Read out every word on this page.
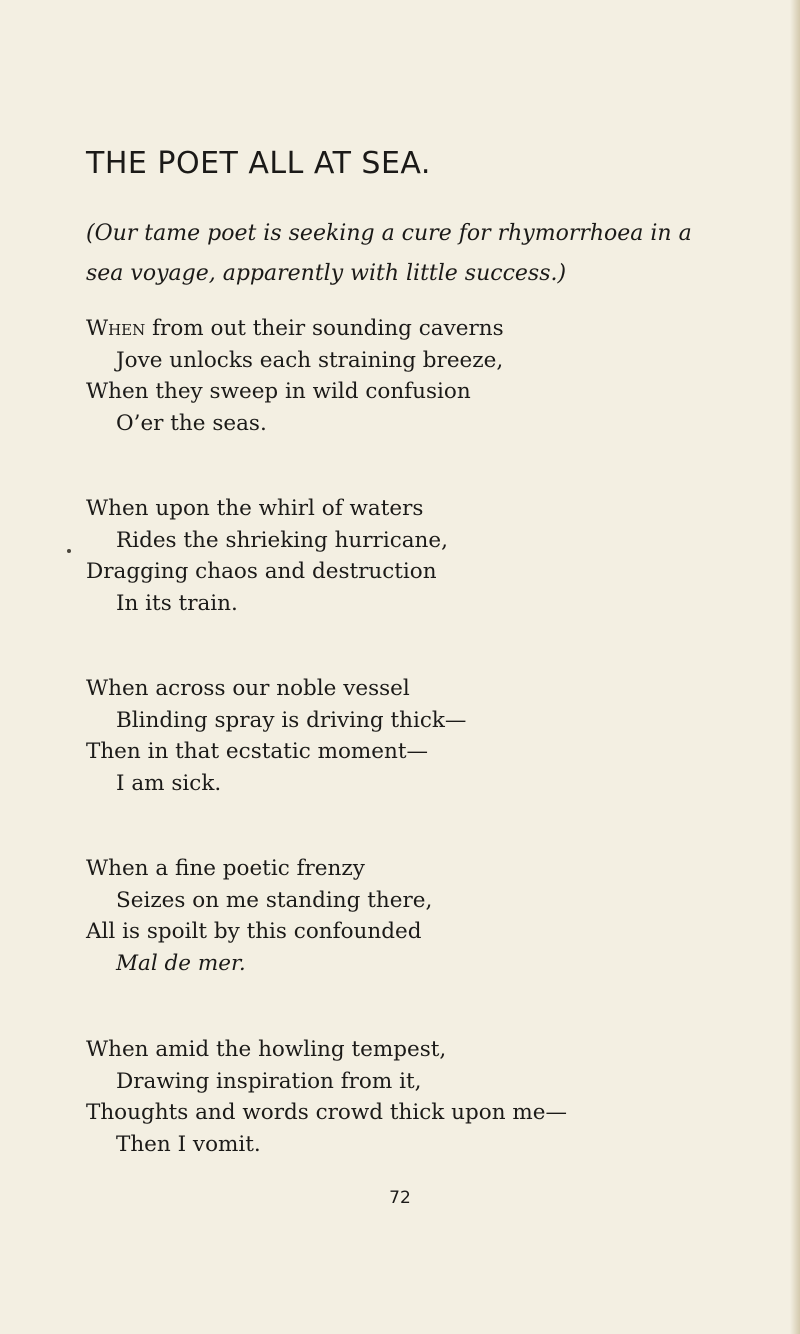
THE POET ALL AT SEA.

(Our tame poet is seeking a cure for rhymorrhoea in a
sea voyage, apparently with little success.)

When from out their sounding caverns
Jove unlocks each straining breeze,
When they sweep in wild confusion
O’er the seas.
When upon the whirl of waters
Rides the shrieking hurricane,
Dragging chaos and destruction
In its train.
When across our noble vessel
Blinding spray is driving thick—
Then in that ecstatic moment—
I am sick.
When a fine poetic frenzy
Seizes on me standing there,
All is spoilt by this confounded
Mal de mer.
When amid the howling tempest,
Drawing inspiration from it,
Thoughts and words crowd thick upon me—
Then I vomit.
72
